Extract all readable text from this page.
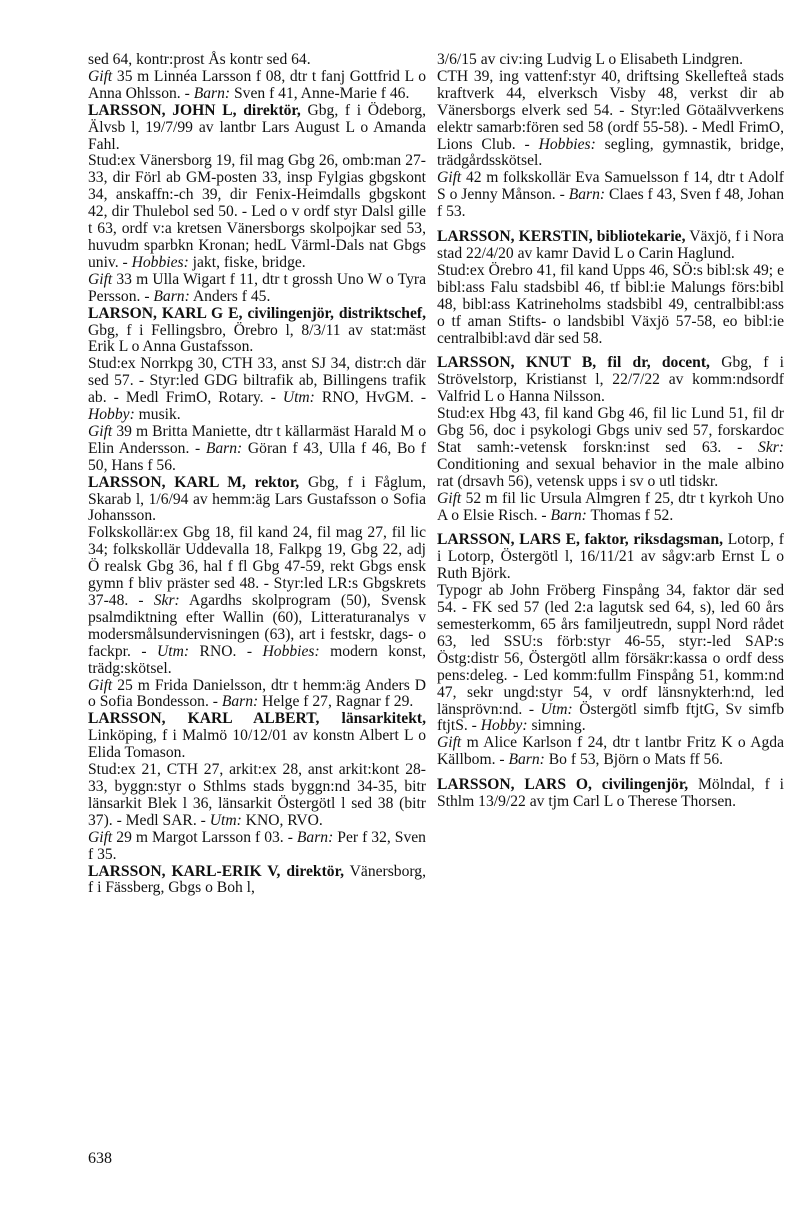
sed 64, kontr:prost Ås kontr sed 64.
Gift 35 m Linnéa Larsson f 08, dtr t fanj Gottfrid L o Anna Ohlsson. - Barn: Sven f 41, Anne-Marie f 46.

LARSSON, JOHN L, direktör, Gbg, f i Ödeborg, Älvsb l, 19/7/99 av lantbr Lars August L o Amanda Fahl.
Stud:ex Vänersborg 19, fil mag Gbg 26, omb:man 27-33, dir Förl ab GM-posten 33, insp Fylgias gbgskont 34, anskaffn:-ch 39, dir Fenix-Heimdalls gbgskont 42, dir Thulebol sed 50. - Led o v ordf styr Dalsl gille t 63, ordf v:a kretsen Vänersborgs skolpojkar sed 53, huvudm sparbkn Kronan; hedL Värml-Dals nat Gbgs univ. - Hobbies: jakt, fiske, bridge.
Gift 33 m Ulla Wigart f 11, dtr t grossh Uno W o Tyra Persson. - Barn: Anders f 45.

LARSON, KARL G E, civilingenjör, distriktschef, Gbg, f i Fellingsbro, Örebro l, 8/3/11 av stat:mäst Erik L o Anna Gustafsson.
Stud:ex Norrkpg 30, CTH 33, anst SJ 34, distr:ch där sed 57. - Styr:led GDG biltrafik ab, Billingens trafik ab. - Medl FrimO, Rotary. - Utm: RNO, HvGM. - Hobby: musik.
Gift 39 m Britta Maniette, dtr t källarmäst Harald M o Elin Andersson. - Barn: Göran f 43, Ulla f 46, Bo f 50, Hans f 56.

LARSSON, KARL M, rektor, Gbg, f i Fåglum, Skarab l, 1/6/94 av hemm:äg Lars Gustafsson o Sofia Johansson.
Folkskollär:ex Gbg 18, fil kand 24, fil mag 27, fil lic 34; folkskollär Uddevalla 18, Falkpg 19, Gbg 22, adj Ö realsk Gbg 36, hal f fl Gbg 47-59, rekt Gbgs ensk gymn f bliv präster sed 48. - Styr:led LR:s Gbgskrets 37-48. - Skr: Agardhs skolprogram (50), Svensk psalmdiktning efter Wallin (60), Litteraturanalys v modersmålsundervisningen (63), art i festskr, dags- o fackpr. - Utm: RNO. - Hobbies: modern konst, trädg:skötsel.
Gift 25 m Frida Danielsson, dtr t hemm:äg Anders D o Sofia Bondesson. - Barn: Helge f 27, Ragnar f 29.

LARSSON, KARL ALBERT, länsarkitekt, Linköping, f i Malmö 10/12/01 av konstn Albert L o Elida Tomason.
Stud:ex 21, CTH 27, arkit:ex 28, anst arkit:kont 28-33, byggn:styr o Sthlms stads byggn:nd 34-35, bitr länsarkit Blek l 36, länsarkit Östergötl l sed 38 (bitr 37). - Medl SAR. - Utm: KNO, RVO.
Gift 29 m Margot Larsson f 03. - Barn: Per f 32, Sven f 35.

LARSSON, KARL-ERIK V, direktör, Vänersborg, f i Fässberg, Gbgs o Boh l,

3/6/15 av civ:ing Ludvig L o Elisabeth Lindgren.
CTH 39, ing vattenf:styr 40, driftsing Skellefteå stads kraftverk 44, elverksch Visby 48, verkst dir ab Vänersborgs elverk sed 54. - Styr:led Götaälvverkens elektr samarb:fören sed 58 (ordf 55-58). - Medl FrimO, Lions Club. - Hobbies: segling, gymnastik, bridge, trädgårdsskötsel.
Gift 42 m folkskollär Eva Samuelsson f 14, dtr t Adolf S o Jenny Månson. - Barn: Claes f 43, Sven f 48, Johan f 53.

LARSSON, KERSTIN, bibliotekarie, Växjö, f i Nora stad 22/4/20 av kamr David L o Carin Haglund.
Stud:ex Örebro 41, fil kand Upps 46, SÖ:s bibl:sk 49; e bibl:ass Falu stadsbibl 46, tf bibl:ie Malungs förs:bibl 48, bibl:ass Katrineholms stadsbibl 49, centralbibl:ass o tf aman Stifts- o landsbibl Växjö 57-58, eo bibl:ie centralbibl:avd där sed 58.

LARSSON, KNUT B, fil dr, docent, Gbg, f i Strövelstorp, Kristianst l, 22/7/22 av komm:ndsordf Valfrid L o Hanna Nilsson.
Stud:ex Hbg 43, fil kand Gbg 46, fil lic Lund 51, fil dr Gbg 56, doc i psykologi Gbgs univ sed 57, forskardoc Stat samh:-vetensk forskn:inst sed 63. - Skr: Conditioning and sexual behavior in the male albino rat (drsavh 56), vetensk upps i sv o utl tidskr.
Gift 52 m fil lic Ursula Almgren f 25, dtr t kyrkoh Uno A o Elsie Risch. - Barn: Thomas f 52.

LARSSON, LARS E, faktor, riksdagsman, Lotorp, f i Lotorp, Östergötl l, 16/11/21 av sågv:arb Ernst L o Ruth Björk.
Typogr ab John Fröberg Finspång 34, faktor där sed 54. - FK sed 57 (led 2:a lagutsk sed 64, s), led 60 års semesterkomm, 65 års familjeutredn, suppl Nord rådet 63, led SSU:s förb:styr 46-55, styr:-led SAP:s Östg:distr 56, Östergötl allm försäkr:kassa o ordf dess pens:deleg. - Led komm:fullm Finspång 51, komm:nd 47, sekr ungd:styr 54, v ordf länsnykterh:nd, led länsprövn:nd. - Utm: Östergötl simfb ftjtG, Sv simfb ftjtS. - Hobby: simning.
Gift m Alice Karlson f 24, dtr t lantbr Fritz K o Agda Källbom. - Barn: Bo f 53, Björn o Mats ff 56.

LARSSON, LARS O, civilingenjör, Mölndal, f i Sthlm 13/9/22 av tjm Carl L o Therese Thorsen.

638
